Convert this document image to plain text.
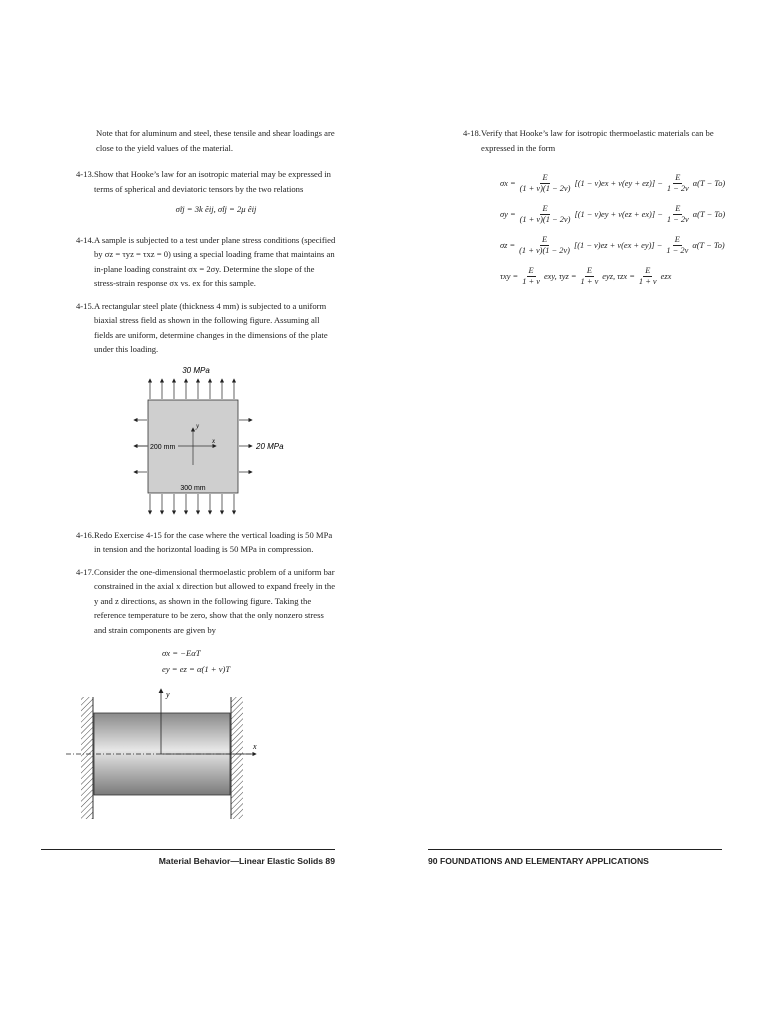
Note that for aluminum and steel, these tensile and shear loadings are close to the yield values of the material.
4-13. Show that Hooke’s law for an isotropic material may be expressed in terms of spherical and deviatoric tensors by the two relations

σ̃ij = 3k ẽij, σ̂ij = 2μ êij
4-14. A sample is subjected to a test under plane stress conditions (specified by σz = τyz = τxz = 0) using a special loading frame that maintains an in-plane loading constraint σx = 2σy. Determine the slope of the stress-strain response σx vs. ex for this sample.

4-15. A rectangular steel plate (thickness 4 mm) is subjected to a uniform biaxial stress field as shown in the following figure. Assuming all fields are uniform, determine changes in the dimensions of the plate under this loading.

30 MPa
200 mm	20 MPa
300 mm
y
x
4-16. Redo Exercise 4-15 for the case where the vertical loading is 50 MPa in tension and the horizontal loading is 50 MPa in compression.

4-17. Consider the one-dimensional thermoelastic problem of a uniform bar constrained in the axial x direction but allowed to expand freely in the y and z directions, as shown in the following figure. Taking the reference temperature to be zero, show that the only nonzero stress and strain components are given by

σx = −EαT
ey = ez = α(1 + ν)T
x
y
4-18. Verify that Hooke’s law for isotropic thermoelastic materials can be expressed in the form

$\sigma x = \frac{E}{(1 + \nu)(1 - 2\nu)} [(1 - \nu)ex + \nu(ey + ez)] - \frac{E}{1 - 2\nu} \alpha(T - To)$
$\sigma y = \frac{E}{(1 + \nu)(1 - 2\nu)} [(1 - \nu)ey + \nu(ez + ex)] - \frac{E}{1 - 2\nu} \alpha(T - To)$
$\sigma z = \frac{E}{(1 + \nu)(1 - 2\nu)} [(1 - \nu)ez + \nu(ex + ey)] - \frac{E}{1 - 2\nu} \alpha(T - To)$
$\tau xy = \frac{E}{1 + \nu}$ exy, $\tau yz = \frac{E}{1 + \nu}$ eyz, $\tau zx = \frac{E}{1 + \nu}$ ezx
Material Behavior—Linear Elastic Solids 89	90 FOUNDATIONS AND ELEMENTARY APPLICATIONS
